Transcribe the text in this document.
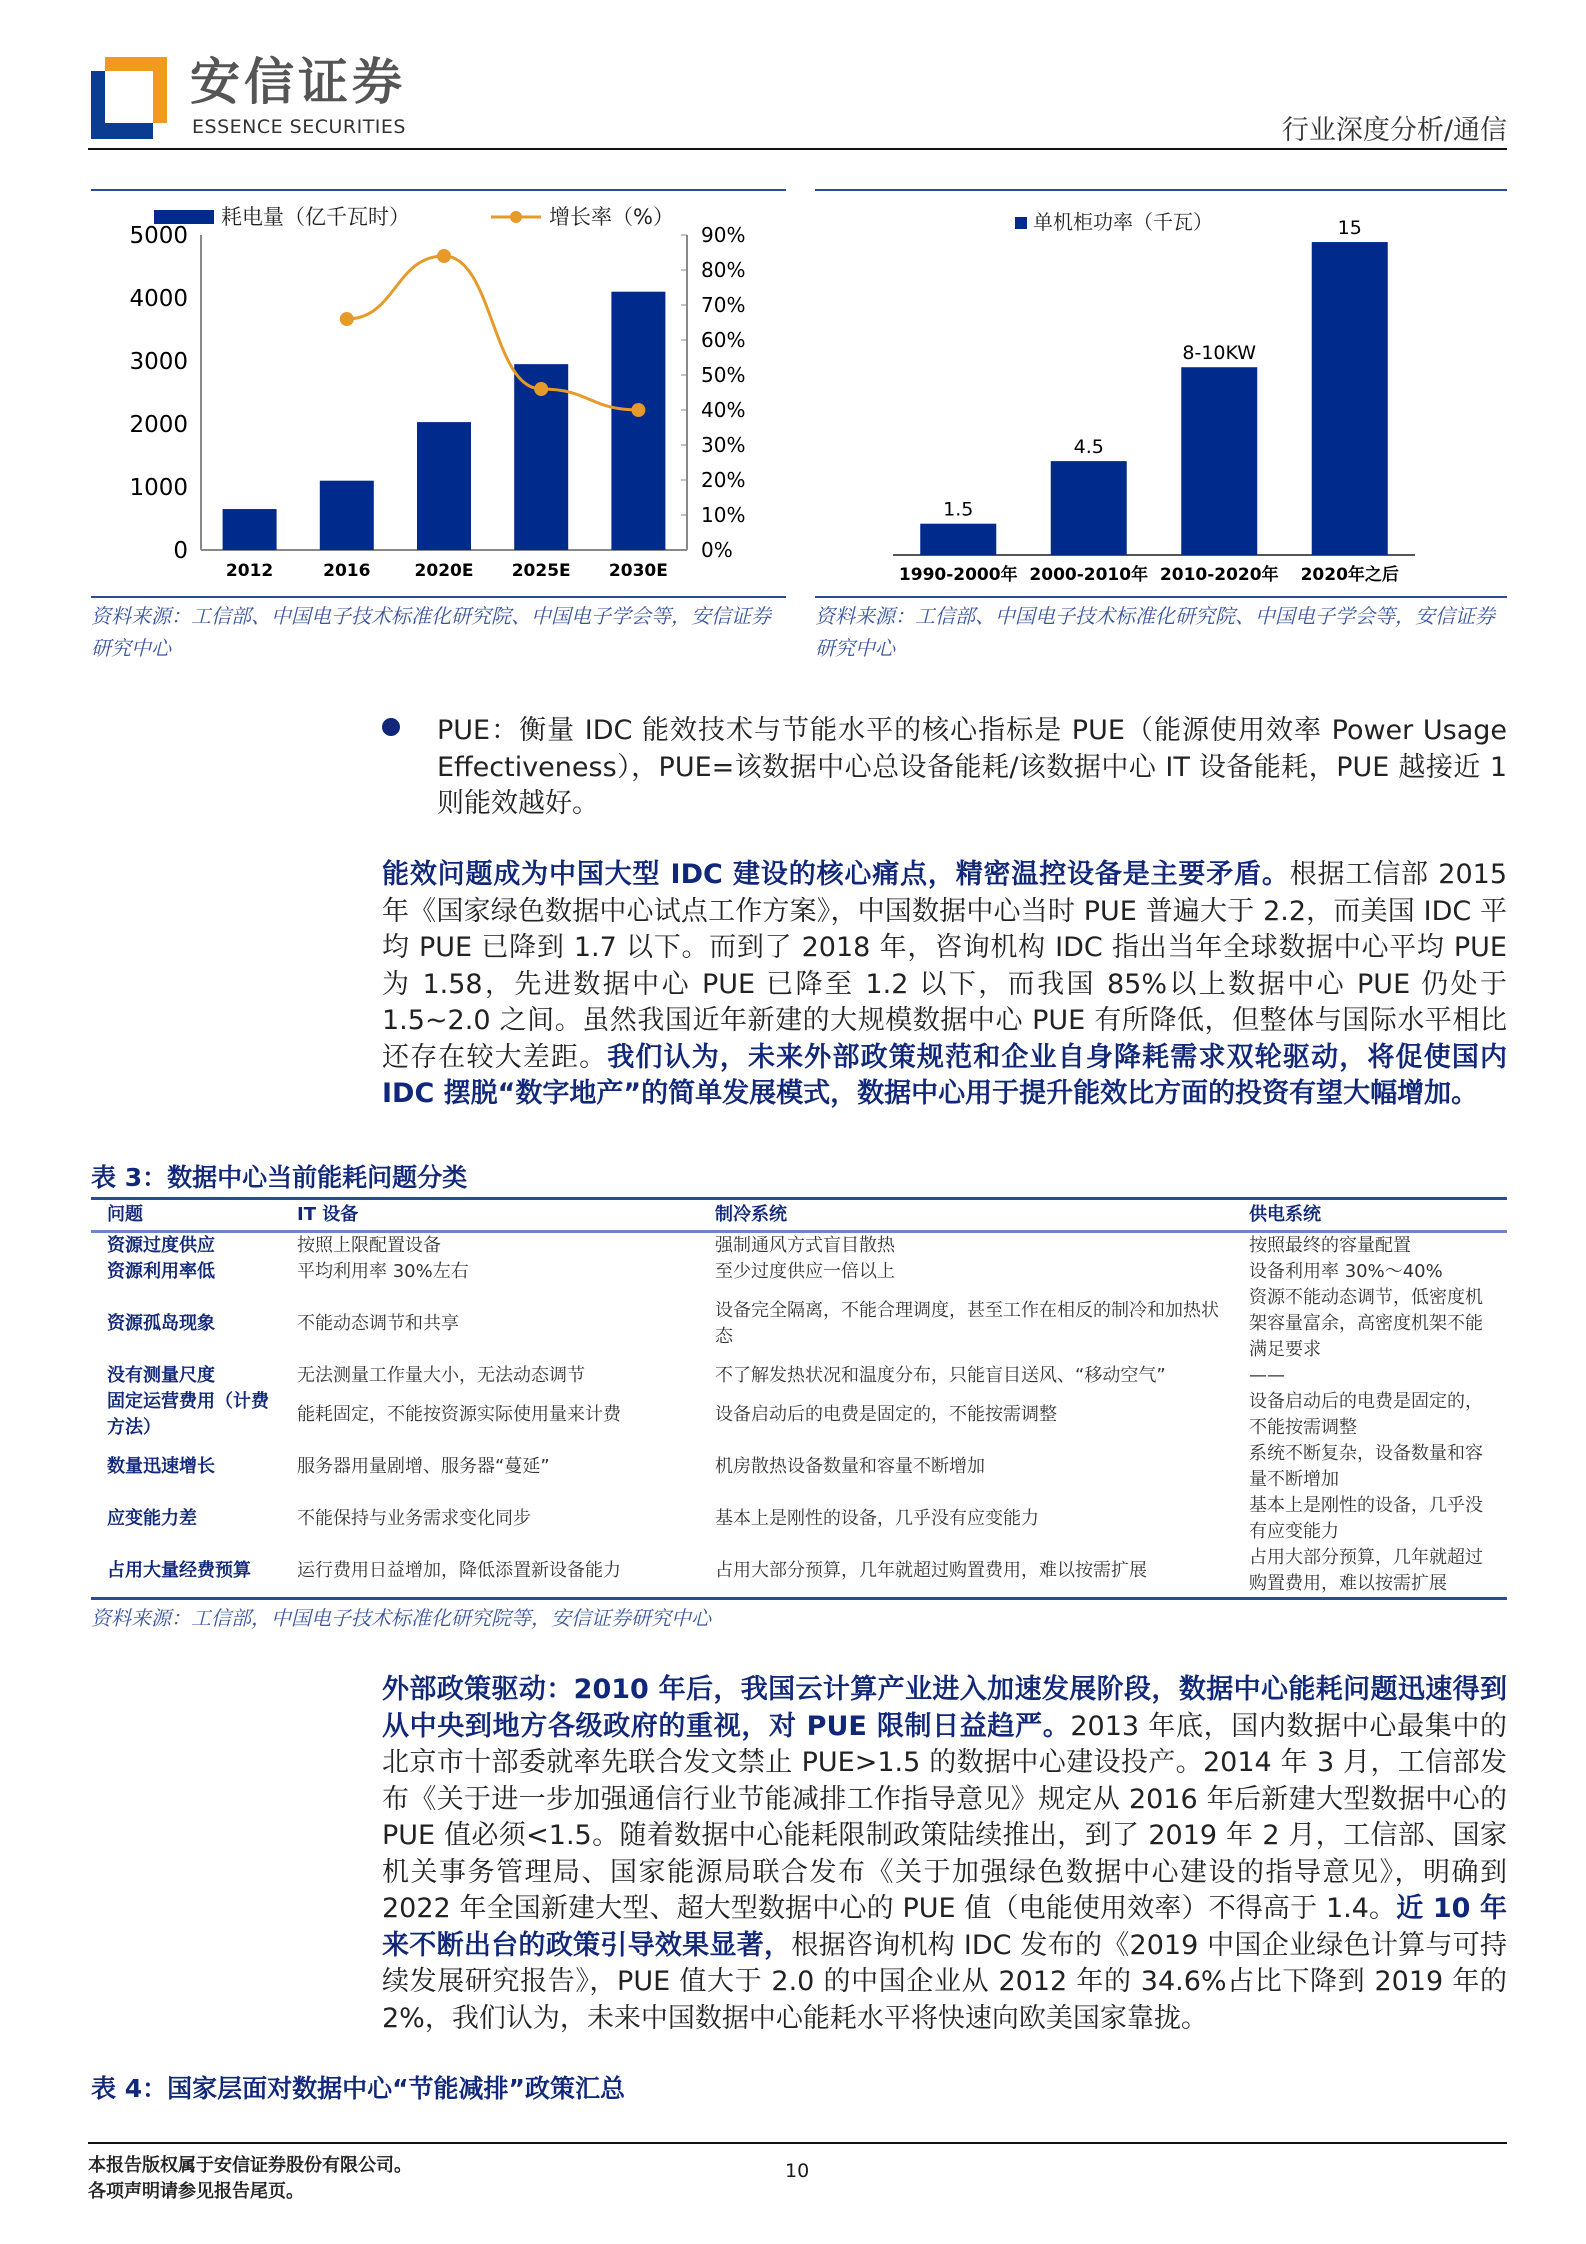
安信证券
ESSENCE SECURITIES	行业深度分析/通信
耗电量（亿千瓦时）	增长率（%）
0
1000
2000
3000
4000
5000
0%
10%
20%
30%
40%
50%
60%
70%
80%
90%
2012	2016	2020E 2025E 2030E
单机柜功率（千瓦）
1.5
1990-2000年
4.5
2000-2010年
8-10KW
2010-2020年
15
2020年之后
资料来源：工信部、中国电子技术标准化研究院、中国电子学会等，安信证券研究中心
资料来源：工信部、中国电子技术标准化研究院、中国电子学会等，安信证券研究中心
PUE：衡量 IDC 能效技术与节能水平的核心指标是 PUE（能源使用效率 Power Usage Effectiveness），PUE=该数据中心总设备能耗/该数据中心 IT 设备能耗，PUE 越接近 1 则能效越好。
能效问题成为中国大型 IDC 建设的核心痛点，精密温控设备是主要矛盾。根据工信部 2015 年《国家绿色数据中心试点工作方案》，中国数据中心当时 PUE 普遍大于 2.2，而美国 IDC 平均 PUE 已降到 1.7 以下。而到了 2018 年，咨询机构 IDC 指出当年全球数据中心平均 PUE 为 1.58，先进数据中心 PUE 已降至 1.2 以下，而我国 85%以上数据中心 PUE 仍处于 1.5~2.0 之间。虽然我国近年新建的大规模数据中心 PUE 有所降低，但整体与国际水平相比还存在较大差距。我们认为，未来外部政策规范和企业自身降耗需求双轮驱动，将促使国内 IDC 摆脱“数字地产”的简单发展模式，数据中心用于提升能效比方面的投资有望大幅增加。
表 3：数据中心当前能耗问题分类
问题	IT 设备	制冷系统	供电系统
资源过度供应	按照上限配置设备	强制通风方式盲目散热	按照最终的容量配置
资源利用率低	平均利用率 30%左右	至少过度供应一倍以上	设备利用率 30%～40%
资源孤岛现象	不能动态调节和共享	设备完全隔离，不能合理调度，甚至工作在相反的制冷和加热状态	资源不能动态调节，低密度机架容量富余，高密度机架不能满足要求
没有测量尺度	无法测量工作量大小，无法动态调节	不了解发热状况和温度分布，只能盲目送风、“移动空气”	——
固定运营费用（计费方法）	能耗固定，不能按资源实际使用量来计费	设备启动后的电费是固定的，不能按需调整	设备启动后的电费是固定的，不能按需调整
数量迅速增长	服务器用量剧增、服务器“蔓延”	机房散热设备数量和容量不断增加	系统不断复杂，设备数量和容量不断增加
应变能力差	不能保持与业务需求变化同步	基本上是刚性的设备，几乎没有应变能力	基本上是刚性的设备，几乎没有应变能力
占用大量经费预算	运行费用日益增加，降低添置新设备能力	占用大部分预算，几年就超过购置费用，难以按需扩展	占用大部分预算，几年就超过购置费用，难以按需扩展
资料来源：工信部，中国电子技术标准化研究院等，安信证券研究中心
外部政策驱动：2010 年后，我国云计算产业进入加速发展阶段，数据中心能耗问题迅速得到从中央到地方各级政府的重视，对 PUE 限制日益趋严。2013 年底，国内数据中心最集中的北京市十部委就率先联合发文禁止 PUE>1.5 的数据中心建设投产。2014 年 3 月，工信部发布《关于进一步加强通信行业节能减排工作指导意见》规定从 2016 年后新建大型数据中心的 PUE 值必须<1.5。随着数据中心能耗限制政策陆续推出，到了 2019 年 2 月，工信部、国家机关事务管理局、国家能源局联合发布《关于加强绿色数据中心建设的指导意见》，明确到 2022 年全国新建大型、超大型数据中心的 PUE 值（电能使用效率）不得高于 1.4。近 10 年来不断出台的政策引导效果显著，根据咨询机构 IDC 发布的《2019 中国企业绿色计算与可持续发展研究报告》，PUE 值大于 2.0 的中国企业从 2012 年的 34.6%占比下降到 2019 年的 2%，我们认为，未来中国数据中心能耗水平将快速向欧美国家靠拢。
表 4：国家层面对数据中心“节能减排”政策汇总
本报告版权属于安信证券股份有限公司。
各项声明请参见报告尾页。
10
